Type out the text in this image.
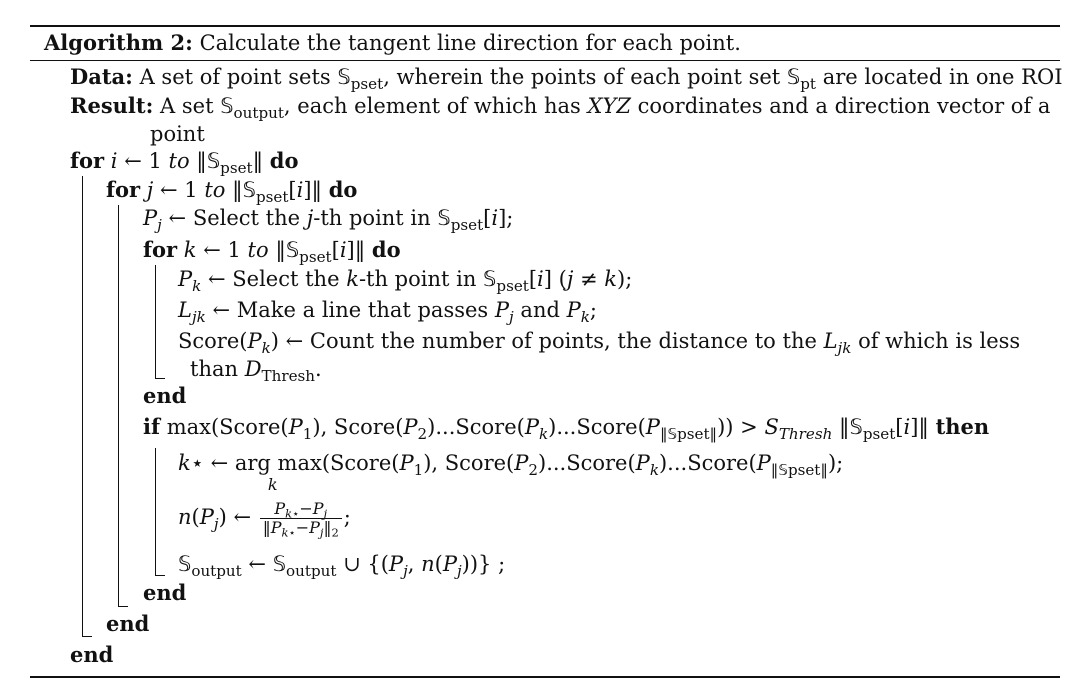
Algorithm 2: Calculate the tangent line direction for each point.
Data: A set of point sets 𝕊$_{pset}$, wherein the points of each point set 𝕊$_{pt}$ are located in one ROI
Result: A set 𝕊$_{output}$, each element of which has XYZ coordinates and a direction vector of a
point
for i ← 1 to ‖𝕊$_{pset}$‖ do
for j ← 1 to ‖𝕊$_{pset}$[i]‖ do
$P_j$ ← Select the j-th point in 𝕊$_{pset}$[i];
for k ← 1 to ‖𝕊$_{pset}$[i]‖ do
$P_k$ ← Select the k-th point in 𝕊$_{pset}$[i] (j ≠ k);
$L_{jk}$ ← Make a line that passes $P_j$ and $P_k$;
$Score(P_k)$ ← Count the number of points, the distance to the $L_{jk}$ of which is less
than $D_{Thresh}$.
end
if $\max(Score(P_1)$, $Score(P_2)...Score(P_k)...Score(P_{‖𝕊pset‖})) > S_{Thresh}$ ‖𝕊$_{pset}$[i]‖ then
k⋆ ← arg max
k
($Score(P_1)$, $Score(P_2)...Score(P_k)...Score(P_{‖𝕊pset‖})$;
$n(P_j)$ ← $\frac{P_{k⋆}-P_j}{‖P_{k⋆}-P_j‖_2}$ ;
𝕊$_{output}$ ← 𝕊$_{output}$ ∪ {($P_j$, $n(P_j)$)} ;
end
end
end
